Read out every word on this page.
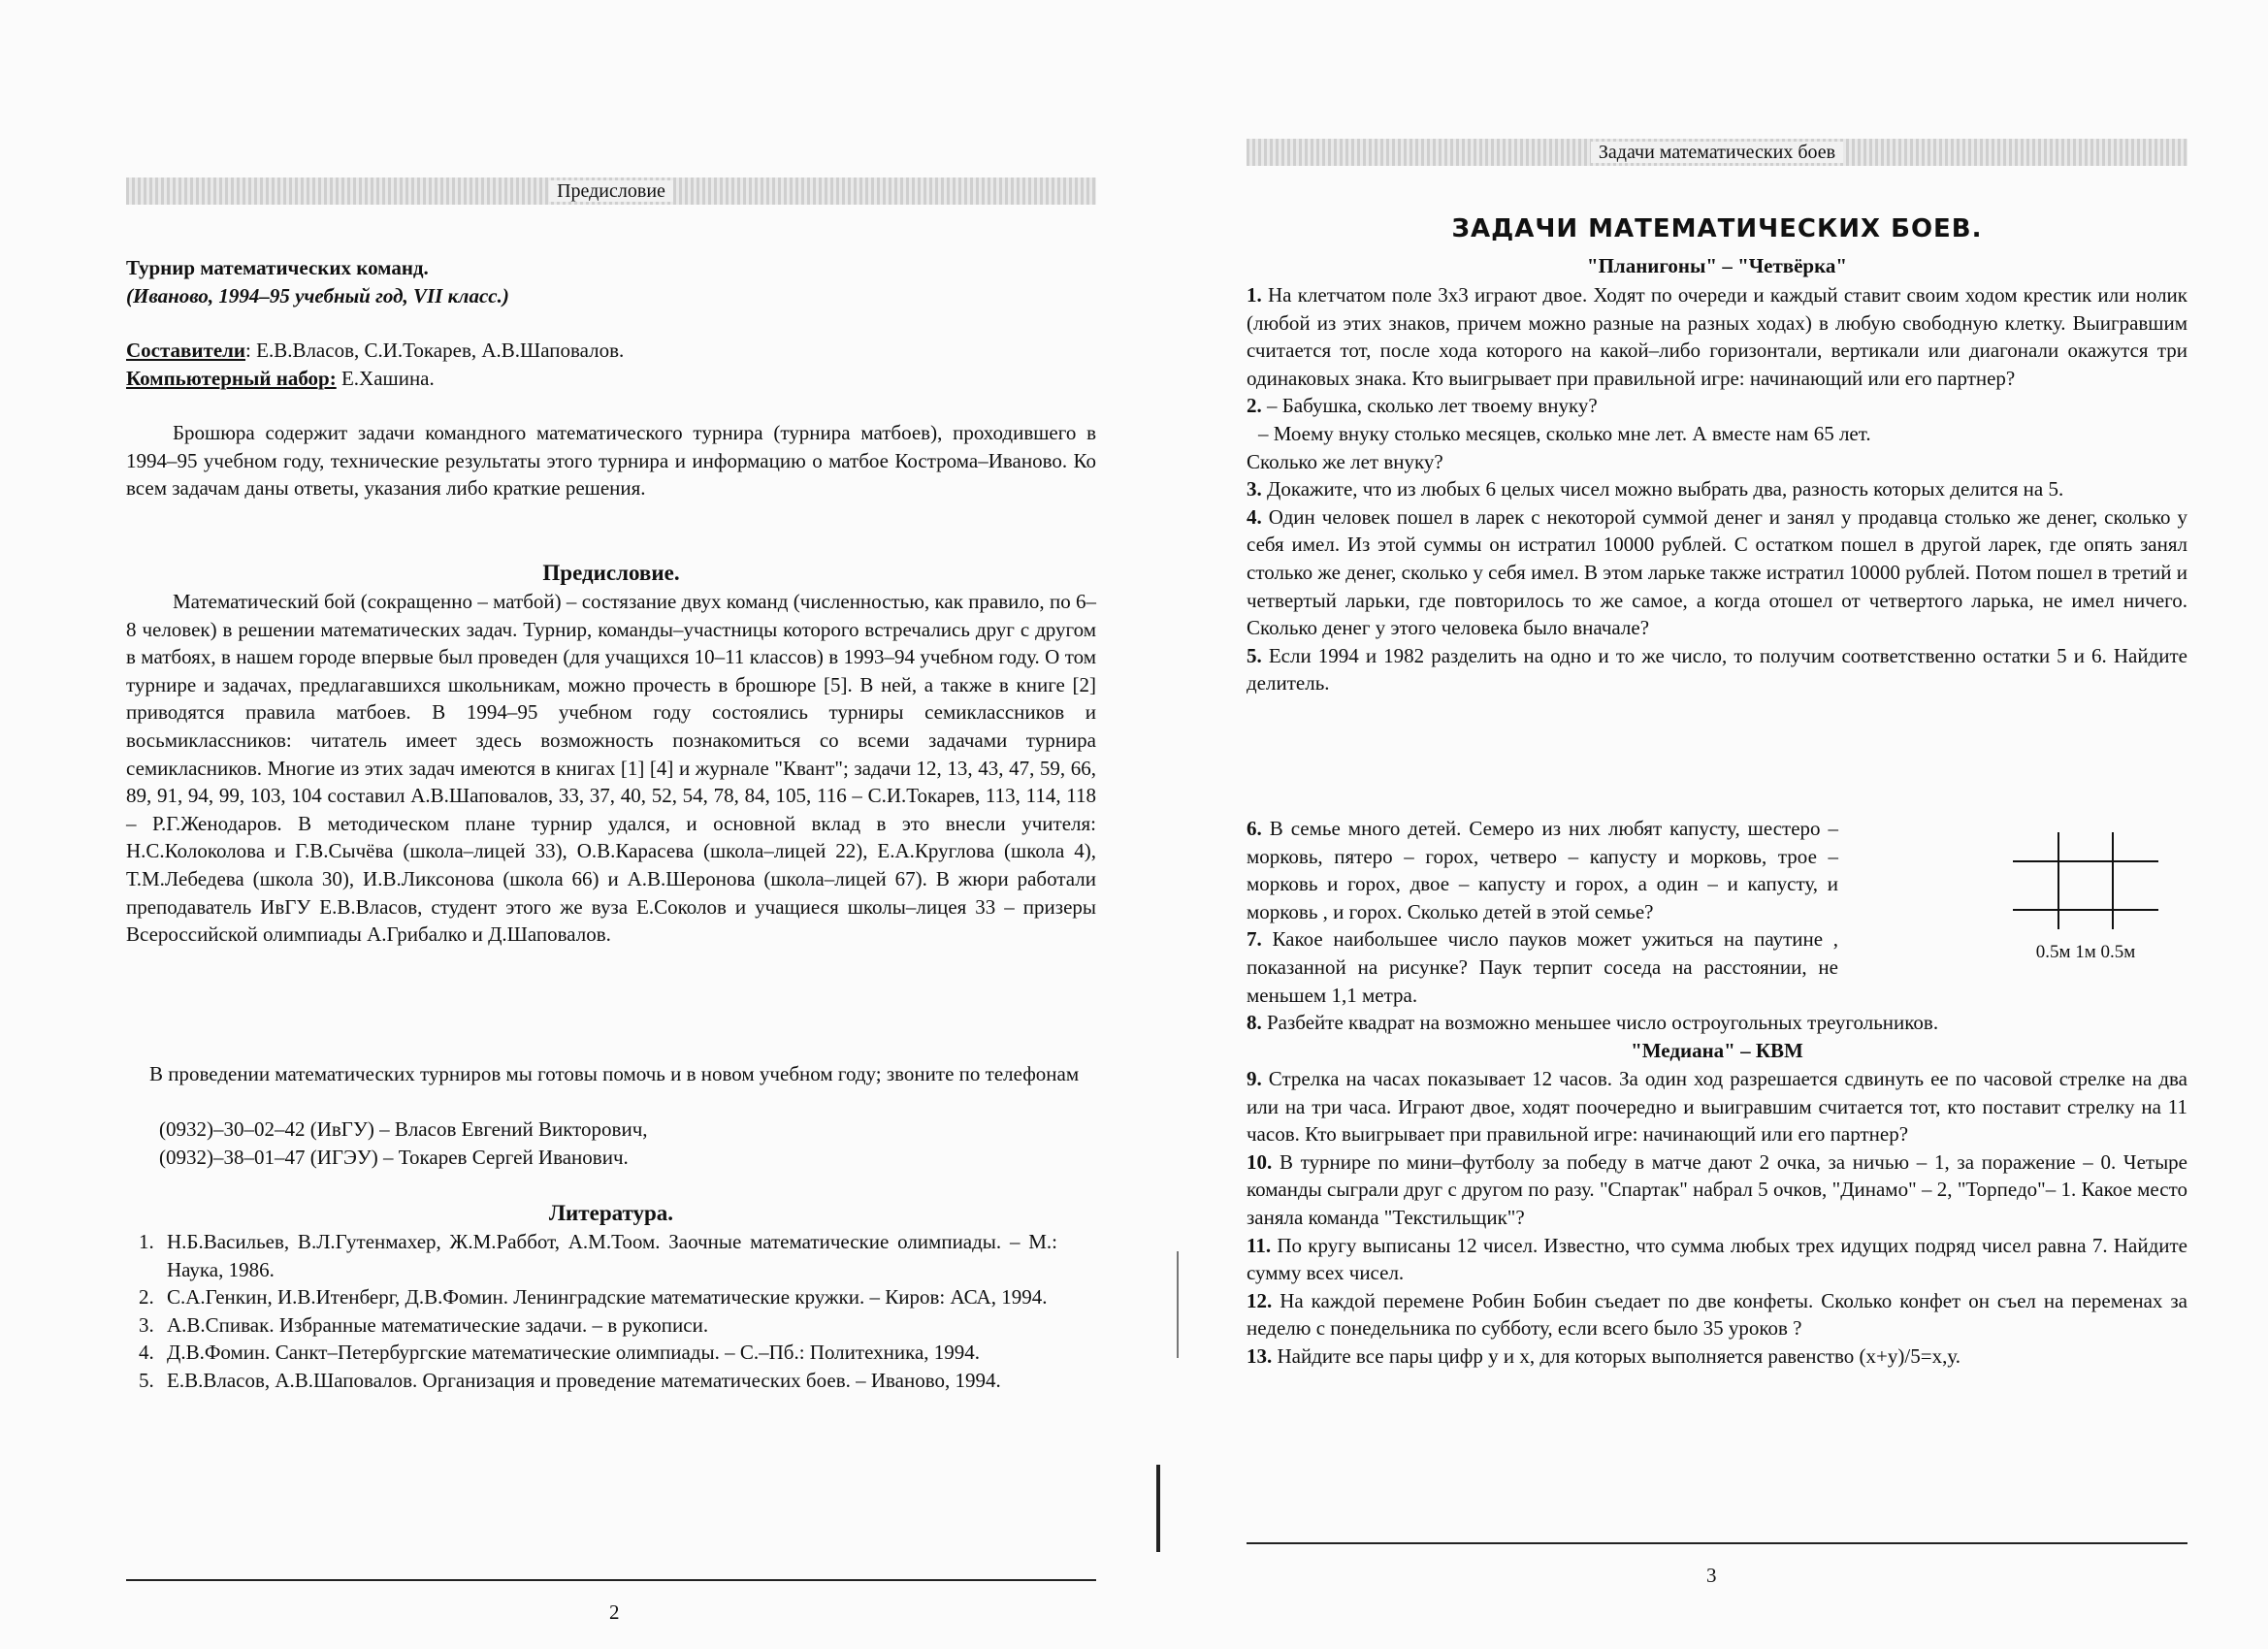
Предисловие
Турнир математических команд.
(Иваново, 1994–95 учебный год, VII класс.)
Составители: Е.В.Власов, С.И.Токарев, А.В.Шаповалов.
Компьютерный набор: Е.Хашина.

Брошюра содержит задачи командного математического турнира (турнира матбоев), проходившего в 1994–95 учебном году, технические результаты этого турнира и информацию о матбое Кострома–Иваново. Ко всем задачам даны ответы, указания либо краткие решения.

Предисловие.

Математический бой (сокращенно – матбой) – состязание двух команд (численностью, как правило, по 6–8 человек) в решении математических задач. Турнир, команды–участницы которого встречались друг с другом в матбоях, в нашем городе впервые был проведен (для учащихся 10–11 классов) в 1993–94 учебном году. О том турнире и задачах, предлагавшихся школьникам, можно прочесть в брошюре [5]. В ней, а также в книге [2] приводятся правила матбоев. В 1994–95 учебном году состоялись турниры семиклассников и восьмиклассников: читатель имеет здесь возможность познакомиться со всеми задачами турнира семикласников. Многие из этих задач имеются в книгах [1] [4] и журнале "Квант"; задачи 12, 13, 43, 47, 59, 66, 89, 91, 94, 99, 103, 104 составил А.В.Шаповалов, 33, 37, 40, 52, 54, 78, 84, 105, 116 – С.И.Токарев, 113, 114, 118 – Р.Г.Женодаров. В методическом плане турнир удался, и основной вклад в это внесли учителя: Н.С.Колоколова и Г.В.Сычёва (школа–лицей 33), О.В.Карасева (школа–лицей 22), Е.А.Круглова (школа 4), Т.М.Лебедева (школа 30), И.В.Ликсонова (школа 66) и А.В.Шеронова (школа–лицей 67). В жюри работали преподаватель ИвГУ Е.В.Власов, студент этого же вуза Е.Соколов и учащиеся школы–лицея 33 – призеры Всероссийской олимпиады А.Грибалко и Д.Шаповалов.

В проведении математических турниров мы готовы помочь и в новом учебном году; звоните по телефонам

(0932)–30–02–42 (ИвГУ) – Власов Евгений Викторович,
(0932)–38–01–47 (ИГЭУ) – Токарев Сергей Иванович.
Литература.
1. Н.Б.Васильев, В.Л.Гутенмахер, Ж.М.Раббот, А.М.Тоом. Заочные математические олимпиады. – М.: Наука, 1986.
2. С.А.Генкин, И.В.Итенберг, Д.В.Фомин. Ленинградские математические кружки. – Киров: АСА, 1994.
3. А.В.Спивак. Избранные математические задачи. – в рукописи.
4. Д.В.Фомин. Санкт–Петербургские математические олимпиады. – С.–Пб.: Политехника, 1994.
5. Е.В.Власов, А.В.Шаповалов. Организация и проведение математических боев. – Иваново, 1994.
2
Задачи математических боев
ЗАДАЧИ МАТЕМАТИЧЕСКИХ БОЕВ.
"Планигоны" – "Четвёрка"

1. На клетчатом поле 3х3 играют двое. Ходят по очереди и каждый ставит своим ходом крестик или нолик (любой из этих знаков, причем можно разные на разных ходах) в любую свободную клетку. Выигравшим считается тот, после хода которого на какой–либо горизонтали, вертикали или диагонали окажутся три одинаковых знака. Кто выигрывает при правильной игре: начинающий или его партнер?

2. – Бабушка, сколько лет твоему внуку?

– Моему внуку столько месяцев, сколько мне лет. А вместе нам 65 лет.

Сколько же лет внуку?

3. Докажите, что из любых 6 целых чисел можно выбрать два, разность которых делится на 5.

4. Один человек пошел в ларек с некоторой суммой денег и занял у продавца столько же денег, сколько у себя имел. Из этой суммы он истратил 10000 рублей. С остатком пошел в другой ларек, где опять занял столько же денег, сколько у себя имел. В этом ларьке также истратил 10000 рублей. Потом пошел в третий и четвертый ларьки, где повторилось то же самое, а когда отошел от четвертого ларька, не имел ничего. Сколько денег у этого человека было вначале?

5. Если 1994 и 1982 разделить на одно и то же число, то получим соответственно остатки 5 и 6. Найдите делитель.

6. В семье много детей. Семеро из них любят капусту, шестеро – морковь, пятеро – горох, четверо – капусту и морковь, трое – морковь и горох, двое – капусту и горох, а один – и капусту, и морковь , и горох. Сколько детей в этой семье?

7. Какое наибольшее число пауков может ужиться на паутине , показанной на рисунке? Паук терпит соседа на расстоянии, не меньшем 1,1 метра.

0.5м 1м 0.5м

8. Разбейте квадрат на возможно меньшее число остроугольных треугольников.

"Медиана" – КВМ

9. Стрелка на часах показывает 12 часов. За один ход разрешается сдвинуть ее по часовой стрелке на два или на три часа. Играют двое, ходят поочередно и выигравшим считается тот, кто поставит стрелку на 11 часов. Кто выигрывает при правильной игре: начинающий или его партнер?

10. В турнире по мини–футболу за победу в матче дают 2 очка, за ничью – 1, за поражение – 0. Четыре команды сыграли друг с другом по разу. "Спартак" набрал 5 очков, "Динамо" – 2, "Торпедо"– 1. Какое место заняла команда "Текстильщик"?

11. По кругу выписаны 12 чисел. Известно, что сумма любых трех идущих подряд чисел равна 7. Найдите сумму всех чисел.

12. На каждой перемене Робин Бобин съедает по две конфеты. Сколько конфет он съел на переменах за неделю с понедельника по субботу, если всего было 35 уроков ?

13. Найдите все пары цифр у и х, для которых выполняется равенство (х+у)/5=х,у.

3
